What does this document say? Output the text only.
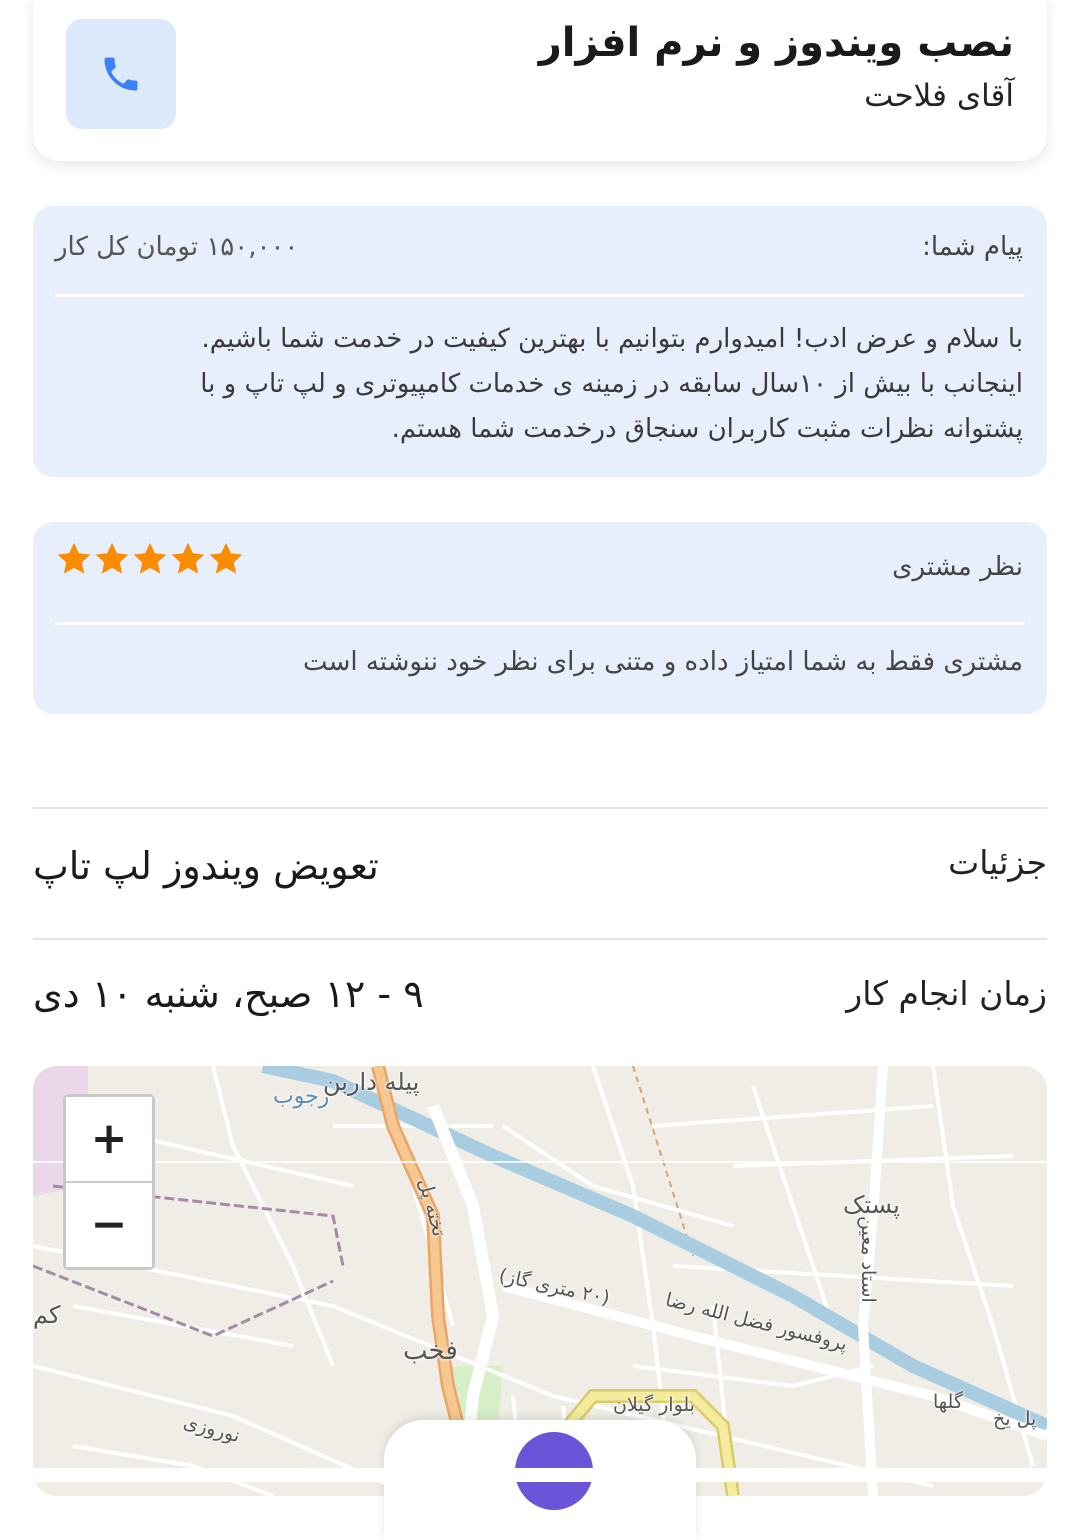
نصب ویندوز و نرم افزار
آقای فلاحت
پیام شما:
۱۵۰,۰۰۰ تومان کل کار
با سلام و عرض ادب! امیدوارم بتوانیم با بهترین کیفیت در خدمت شما باشیم.
اینجانب با بیش از ۱۰سال سابقه در زمینه ی خدمات کامپیوتری و لپ تاپ و با
پشتوانه نظرات مثبت کاربران سنجاق درخدمت شما هستم.
نظر مشتری
مشتری فقط به شما امتیاز داده و متنی برای نظر خود ننوشته است
جزئیات
تعویض ویندوز لپ تاپ
زمان انجام کار
۹ - ۱۲ صبح، شنبه ۱۰ دی
پیله داربن
رجوب
تخته پل	پستک
استاد معین
(۲۰ متری گاز)	پروفسور فضل الله رضا
فخب
بلوار گیلان
نوروزی
گلها
پل یخ
کم
+
−
